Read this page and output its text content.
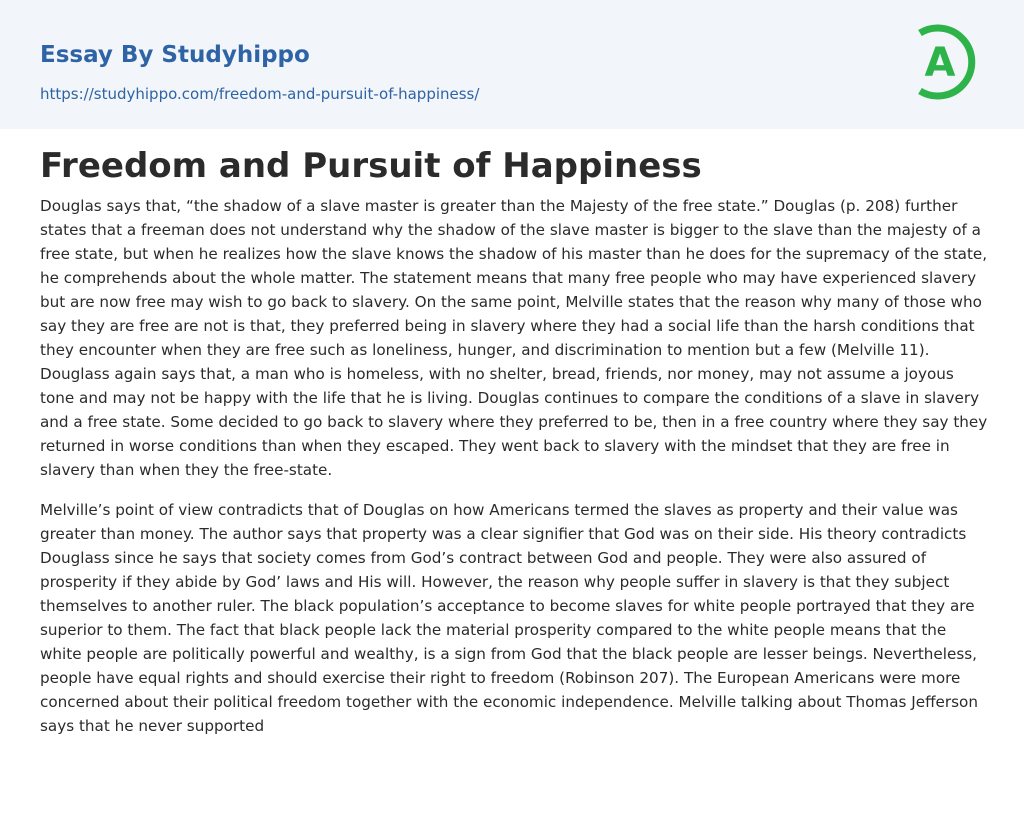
Essay By Studyhippo
https://studyhippo.com/freedom-and-pursuit-of-happiness/
A
Freedom and Pursuit of Happiness

Douglas says that, “the shadow of a slave master is greater than the Majesty of the free state.” Douglas (p. 208) further states that a freeman does not understand why the shadow of the slave master is bigger to the slave than the majesty of a free state, but when he realizes how the slave knows the shadow of his master than he does for the supremacy of the state, he comprehends about the whole matter. The statement means that many free people who may have experienced slavery but are now free may wish to go back to slavery. On the same point, Melville states that the reason why many of those who say they are free are not is that, they preferred being in slavery where they had a social life than the harsh conditions that they encounter when they are free such as loneliness, hunger, and discrimination to mention but a few (Melville 11). Douglass again says that, a man who is homeless, with no shelter, bread, friends, nor money, may not assume a joyous tone and may not be happy with the life that he is living. Douglas continues to compare the conditions of a slave in slavery and a free state. Some decided to go back to slavery where they preferred to be, then in a free country where they say they returned in worse conditions than when they escaped. They went back to slavery with the mindset that they are free in slavery than when they the free-state.

Melville’s point of view contradicts that of Douglas on how Americans termed the slaves as property and their value was greater than money. The author says that property was a clear signifier that God was on their side. His theory contradicts Douglass since he says that society comes from God’s contract between God and people. They were also assured of prosperity if they abide by God’ laws and His will. However, the reason why people suffer in slavery is that they subject themselves to another ruler. The black population’s acceptance to become slaves for white people portrayed that they are superior to them. The fact that black people lack the material prosperity compared to the white people means that the white people are politically powerful and wealthy, is a sign from God that the black people are lesser beings. Nevertheless, people have equal rights and should exercise their right to freedom (Robinson 207). The European Americans were more concerned about their political freedom together with the economic independence. Melville talking about Thomas Jefferson says that he never supported
